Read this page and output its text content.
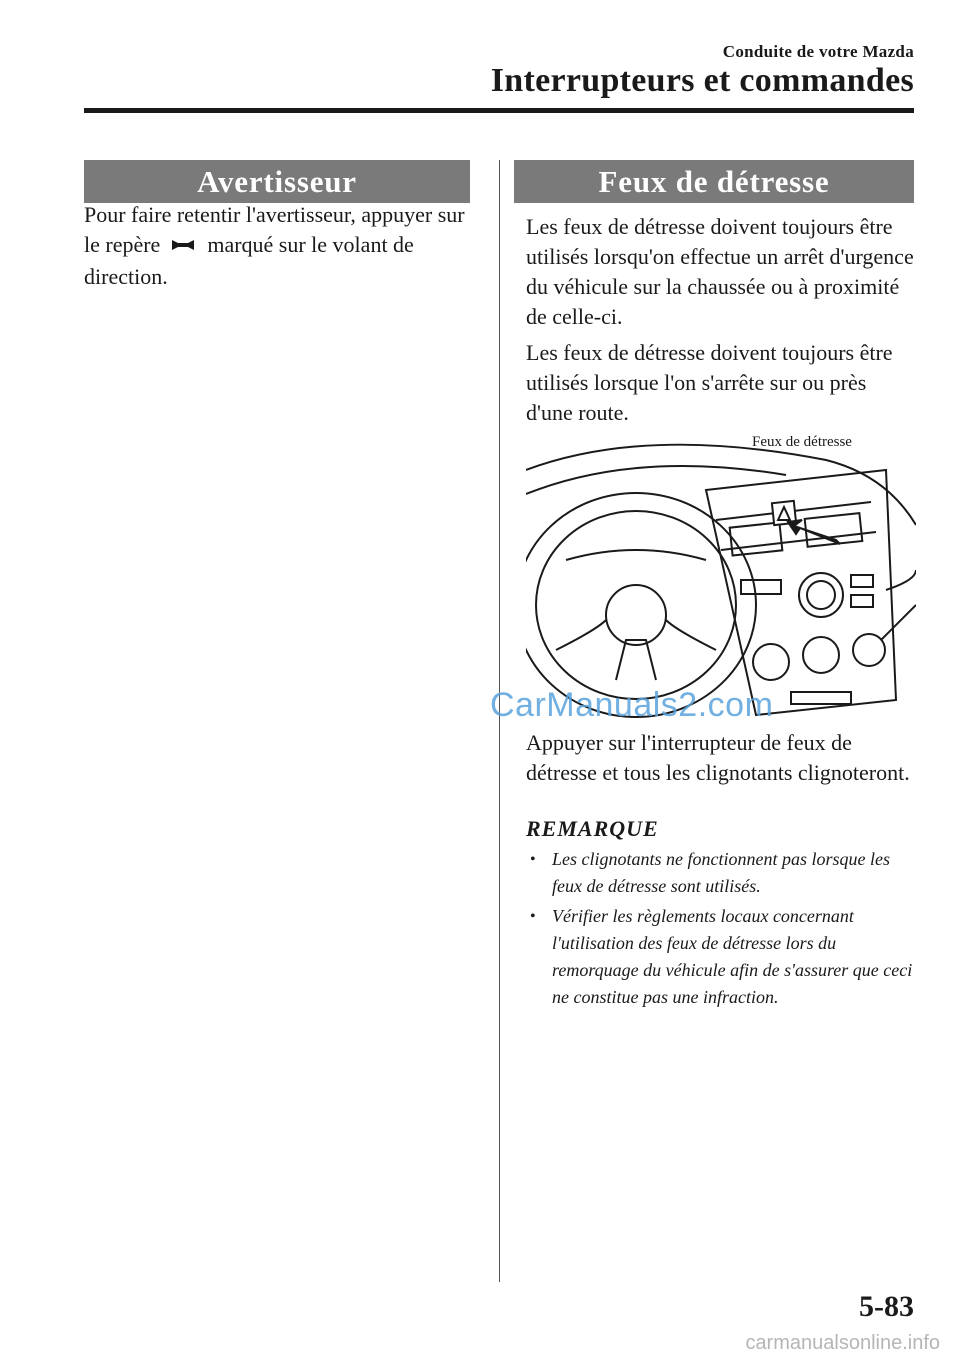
Conduite de votre Mazda
Interrupteurs et commandes
Avertisseur

Pour faire retentir l'avertisseur, appuyer sur le repère  marqué sur le volant de direction.

Feux de détresse

Les feux de détresse doivent toujours être utilisés lorsqu'on effectue un arrêt d'urgence du véhicule sur la chaussée ou à proximité de celle-ci.

Les feux de détresse doivent toujours être utilisés lorsque l'on s'arrête sur ou près d'une route.

Feux de détresse

Appuyer sur l'interrupteur de feux de détresse et tous les clignotants clignoteront.

REMARQUE
• Les clignotants ne fonctionnent pas lorsque les feux de détresse sont utilisés.
• Vérifier les règlements locaux concernant l'utilisation des feux de détresse lors du remorquage du véhicule afin de s'assurer que ceci ne constitue pas une infraction.
CarManuals2.com
5-83
carmanualsonline.info
